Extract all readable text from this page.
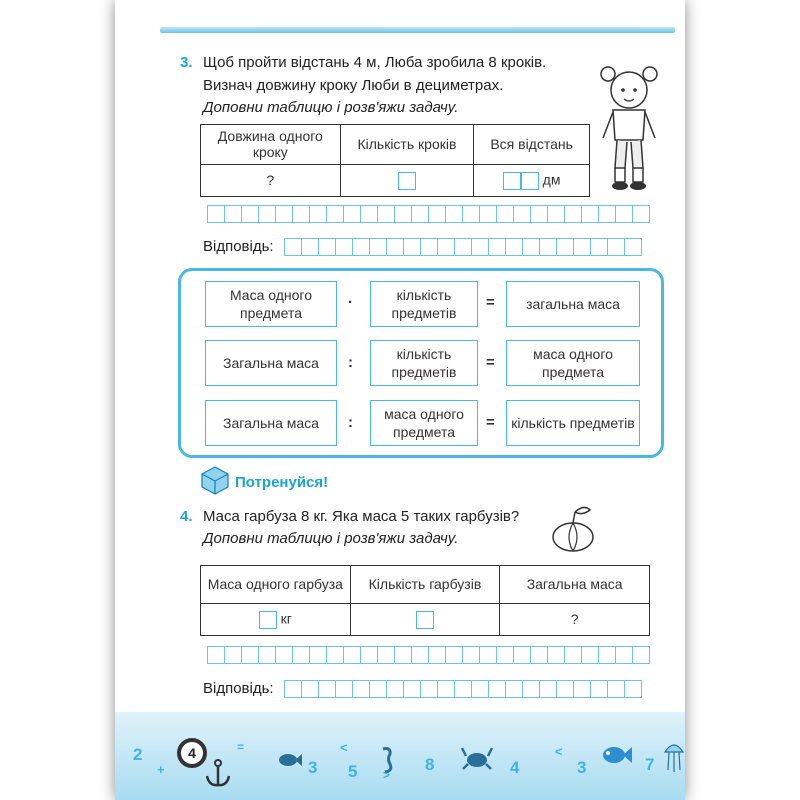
3. Щоб пройти відстань 4 м, Люба зробила 8 кроків.
Визнач довжину кроку Люби в дециметрах.
Доповни таблицю і розв'яжи задачу.
Довжина одного кроку	Кількість кроків	Вся відстань
?		дм
Відповідь:
Маса одного предмета
·	кількість предметів
=	загальна маса
Загальна маса	:
кількість предметів
=
маса одного предмета
Загальна маса	:
маса одного предмета
=	кількість предметів
Потренуйся!
4. Маса гарбуза 8 кг. Яка маса 5 таких гарбузів?
Доповни таблицю і розв'яжи задачу.
Маса одного гарбуза	Кількість гарбузів	Загальна маса
кг		?
Відповідь:
2
+
4	=
3
<
5 >
8	4
<
3	7
